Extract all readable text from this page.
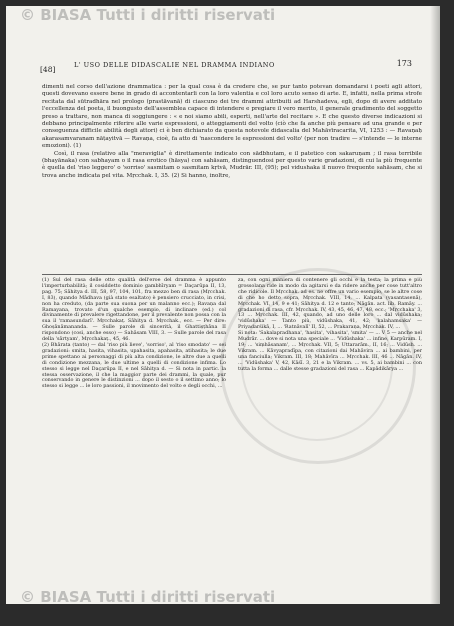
© BIASA Tutti i diritti riservati
[48]	L' USO DELLE DIDASCALIE NEL DRAMMA INDIANO	173

dimenti nel corso dell'azione drammatica : per la qual cosa è da credere che, se pur tanto potevan domandarsi i poeti agli attori, questi dovevano essere bene in grado di accontentarli con la loro valentia e col loro acuto senso di arte. E, infatti, nella prima strofe recitata dal sūtradhāra nel prologo (prastāvanā) di ciascuno dei tre drammi attribuiti ad Harshadeva, egli, dopo di avere additato l'eccellenza del poeta, il buongusto dell'assemblea capace di intendere e pregiare il vero merito, il generale gradimento del soggetto preso a trattare, non manca di soggiungere : « e noi siamo abili, esperti, nell'arte del recitare ». E che questo diverse indicazioni si debbano principalmente riferire alle varie espressioni, o atteggiamenti del volto (ciò che fa anche più pensare ad una grande e per conseguenza difficile abilità degli attori) ci è ben dichiarato da questa notevole didascalia del Mahāvīracarita, VI, 1253 : — Ravaṇaḥ akarasamvaranam nāṭayitvā — Ravaṇa, cioè, fa atto di 'nascondere le espressioni del volto' (per non tradire — s'intende — le interne emozioni). (1)

Così, il rasa (relativo alla "meraviglia" è direttamente indicato con sādbhutam, e il patetico con sakaruṇam ; il rasa terribile (bhayānaka) con sabhayam o il rasa erotico (hāsya) con sahāsam, distinguendosi per questo varie gradazioni, di cui la più frequente è quella del 'riso leggero' o 'sorriso' sasmitam o sasmitam kṛtvā, Mudrār. III, (95); pel vidushaka il nuovo frequente sahāsam, che si trova anche indicata pel vita. Mṛcchak. I, 35. (2) Si hanno, inoltre,

(1) Sul del rasa delle otto qualità dell'eroe del dramma è appunto l'imperturbabilità; il cosiddetto dominio gambhīryam = Daçarūpa II, 13, pag. 75; Sāhitya d. III, 58, 97, 104, 101, fra mezzo ben di rasa (Mṛcchak. I, 83), quando Mādhava (già stato esaltato) è pensiero crucciato, in crisi, non ha creduto, (da parte sua suona per un malanno ecc.); Ravaṇa dal Ramayana, trovato d'un qualche esempio, di inclinare (ed.) col divinamente di prevalere rigettandone, per il prevalente non possa con la sua il 'ramasundarī'. Mṛcchakaṭ. Sāhitya d. Mṛcchak., ecc. — Per dire: Ghoṣānāmananda. — Sulle parole di sincerità, il Ghattiṣṭhāna II rispondono (così, anche esso) — Sahāsam VIII, 3. — Sulle parole del rasa della 'sārtyam', Mṛcchakaṭ., 45, 46.

(2) Bhārata (tanto) — dal 'riso più lieve', 'sorriso', al 'riso smodato' — sei gradazioni: smita, hasita, vihasita, upahasita, apahasita, atihasita; le due prime spettano ai personaggi di più alta condizione, le altre due a quelli di condizione mezzana, le due ultime a quelli di condizione infima. Lo stesso si legge nel Daçarūpa II, e nel Sāhitya d. — Si nota in partic. la stessa osservazione, il che la maggior parte dei drammi, la quale, pur conservando in genere le distinzioni ... dopo il sesto o il settimo anno; lo stesso si legge ... le loro passioni, il movimento del volto e degli occhi, ...

za, con ogni maniera di contenere gli occhi e la testa; la prima e più grossolana ride in modo da agitarsi e da ridere anche per cose tutt'altro che ridicole. Il Mṛcchak. ad es. ne offre un vario esempio, se le altre cose di che ho detto sopra, Mṛcchak. VIII, 14, ... Kalpata (vasantasenā), Mṛcchak. VI, 14, 9 e 41; Sāhitya d. 12 e tanto; Nāgān. act. lib. Ramāy. ... gradazioni di rasa, cfr. Mṛcchak. IV, 43, 45, 46, 47, 48, ecc.; 'Mṛcchaka' 3, 13 ... Mṛcchak. III, 42, quando, ad uno delle loro ... dal vidūshaka; 'vidūshaka' — Tanto più, vidūshaka, 41, 42; 'kalahamsaka' — Priyadarśikā, I, ... 'Ratnāvalī' II, 52, ... Prakaraṇa, Mṛcchak. IV, ...

Si nota: 'Sakalapradhana', 'hasita', 'vihasita', 'smita' — ... V 5 — anche nel Mudrār. ... dove si nota una speciale ... 'Vidūshaka' ... infine, Karpūram. I, 19; ... 'siṃhāsanam', ... Mṛcchak. VII, 5; Uttararām., II, 16; ... Vidūsh. ... Vikram. ... Kāvyapradīpa, con citazioni dai Mahāvira ... ai bambini, per una fanciulla; Vikram. III, 18; Mahāvīra ... Mṛcchak. III, 46 ... Nāgān. IV, ... 'Vidūshaka' V, 42, Kāśī. 3, 21 e la Vikram. ... vs. 5, ai bambini ... con tutta la forma ... dalle stesse gradazioni del rasa ... Kapādikārya ...

© BIASA Tutti i diritti riservati
